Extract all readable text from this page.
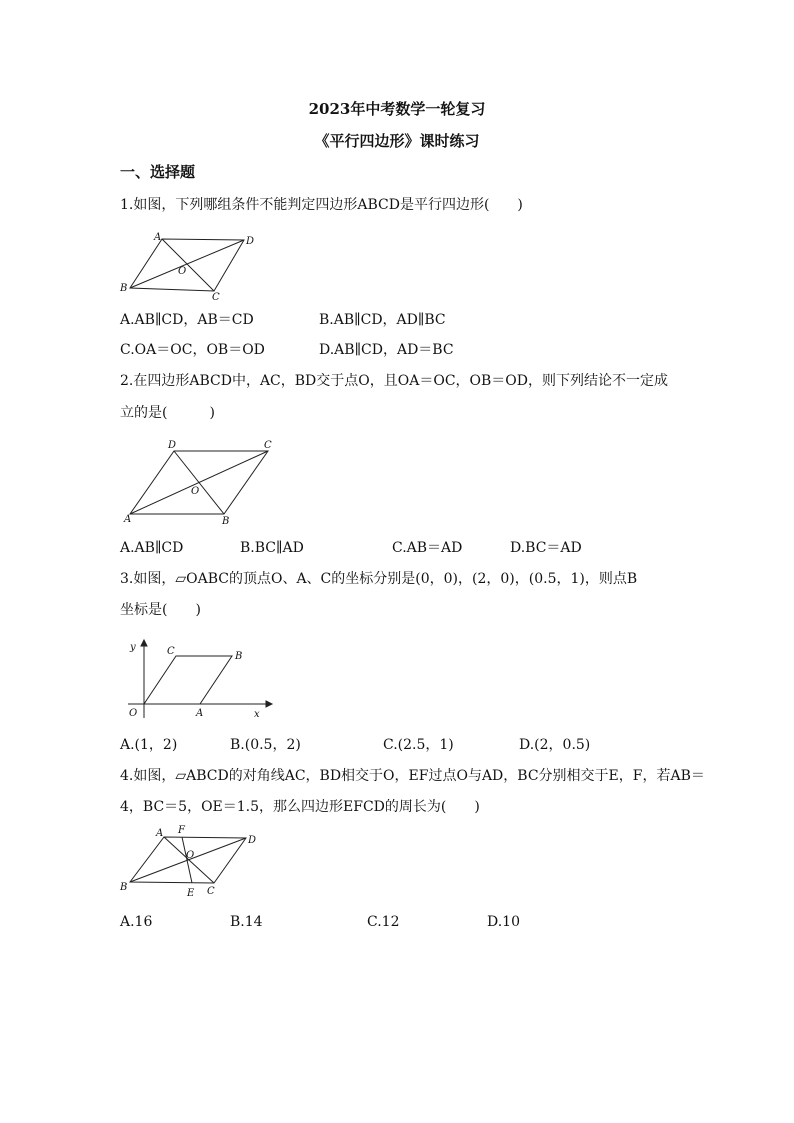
2023年中考数学一轮复习
《平行四边形》课时练习
一、选择题
1.如图，下列哪组条件不能判定四边形ABCD是平行四边形(　　)
A	D
O
B
C
A.AB∥CD，AB＝CD	B.AB∥CD，AD∥BC
C.OA＝OC，OB＝OD	D.AB∥CD，AD＝BC
2.在四边形ABCD中，AC，BD交于点O，且OA＝OC，OB＝OD，则下列结论不一定成
立的是(　　　)
D	C
O
A	B
A.AB∥CD	B.BC∥AD	C.AB＝AD	D.BC＝AD
3.如图，▱OABC的顶点O、A、C的坐标分别是(0，0)，(2，0)，(0.5，1)，则点B
坐标是(　　)
y	C	B
O	A	x
A.(1，2)	B.(0.5，2)	C.(2.5，1)	D.(2，0.5)
4.如图，▱ABCD的对角线AC，BD相交于O，EF过点O与AD，BC分别相交于E，F，若AB＝
4，BC＝5，OE＝1.5，那么四边形EFCD的周长为(　　)
A F
D
O
B
E C
A.16	B.14	C.12	D.10
